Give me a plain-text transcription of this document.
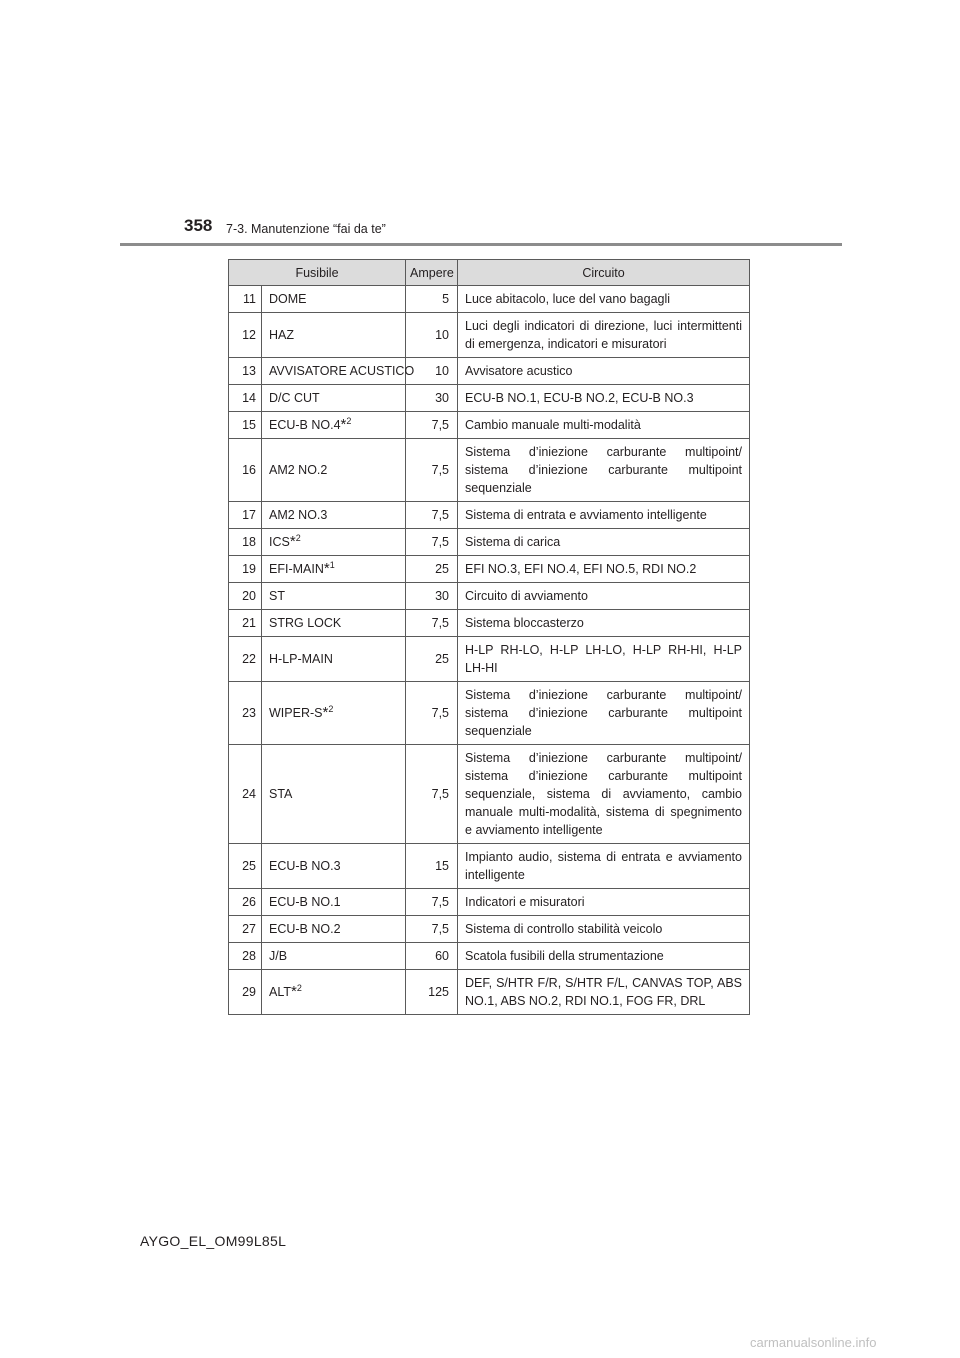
358 7-3. Manutenzione “fai da te”
Fusibile		Ampere	Circuito
11	DOME	5	Luce abitacolo, luce del vano bagagli
12	HAZ	10	Luci degli indicatori di direzione, luci intermittenti di emergenza, indicatori e misuratori
13	AVVISATORE ACUSTICO	10	Avvisatore acustico
14	D/C CUT	30	ECU-B NO.1, ECU-B NO.2, ECU-B NO.3
15	ECU-B NO.4*$^2$	7,5	Cambio manuale multi-modalità
16	AM2 NO.2	7,5	Sistema d’iniezione carburante multipoint/ sistema d’iniezione carburante multipoint sequenziale
17	AM2 NO.3	7,5	Sistema di entrata e avviamento intelligente
18	ICS*$^2$	7,5	Sistema di carica
19	EFI-MAIN*$^1$	25	EFI NO.3, EFI NO.4, EFI NO.5, RDI NO.2
20	ST	30	Circuito di avviamento
21	STRG LOCK	7,5	Sistema bloccasterzo
22	H-LP-MAIN	25	H-LP RH-LO, H-LP LH-LO, H-LP RH-HI, H-LP LH-HI
23	WIPER-S*$^2$	7,5	Sistema d’iniezione carburante multipoint/ sistema d’iniezione carburante multipoint sequenziale
24	STA	7,5	Sistema d’iniezione carburante multipoint/ sistema d’iniezione carburante multipoint sequenziale, sistema di avviamento, cambio manuale multi-modalità, sistema di spegnimento e avviamento intelligente
25	ECU-B NO.3	15	Impianto audio, sistema di entrata e avviamento intelligente
26	ECU-B NO.1	7,5	Indicatori e misuratori
27	ECU-B NO.2	7,5	Sistema di controllo stabilità veicolo
28	J/B	60	Scatola fusibili della strumentazione
29	ALT*$^2$	125	DEF, S/HTR F/R, S/HTR F/L, CANVAS TOP, ABS NO.1, ABS NO.2, RDI NO.1, FOG FR, DRL
AYGO_EL_OM99L85L
carmanualsonline.info
